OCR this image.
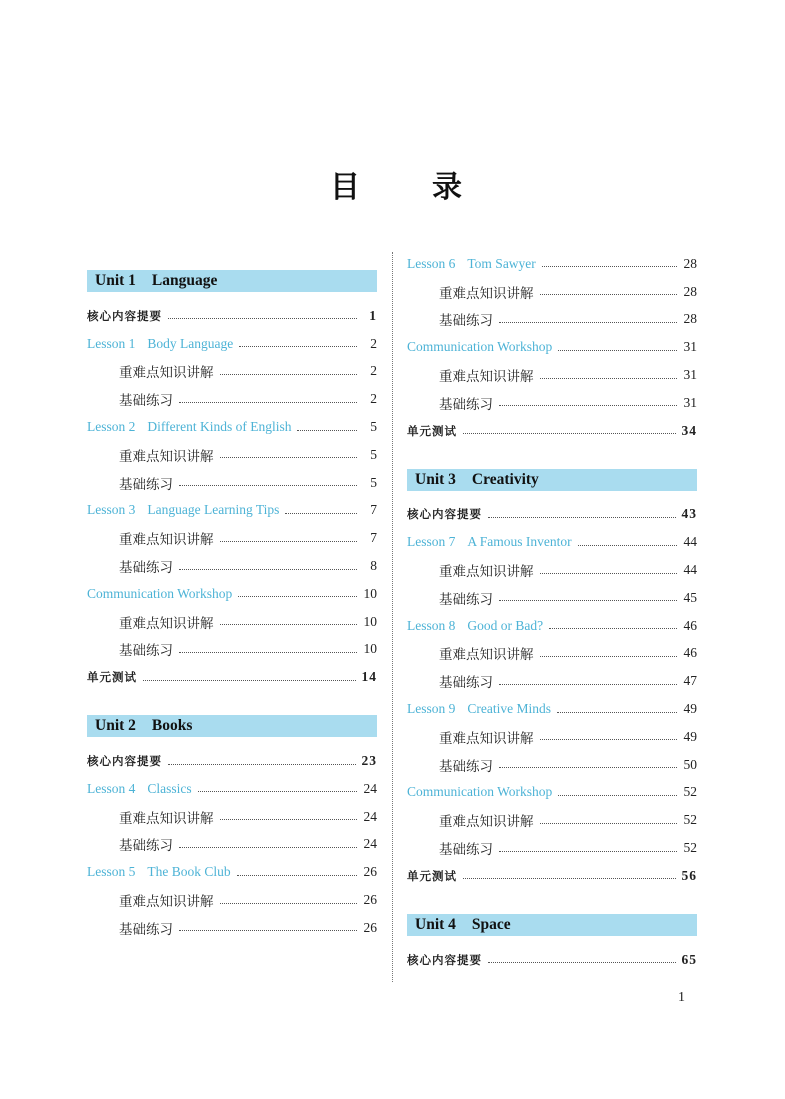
目 录
Unit 1 Language
核心内容提要	1
Lesson 1 Body Language	2
重难点知识讲解	2
基础练习	2
Lesson 2 Different Kinds of English	5
重难点知识讲解	5
基础练习	5
Lesson 3 Language Learning Tips	7
重难点知识讲解	7
基础练习	8
Communication Workshop	10
重难点知识讲解	10
基础练习	10
单元测试	14
Unit 2 Books
核心内容提要	23
Lesson 4 Classics	24
重难点知识讲解	24
基础练习	24
Lesson 5 The Book Club	26
重难点知识讲解	26
基础练习	26
Lesson 6 Tom Sawyer	28
重难点知识讲解	28
基础练习	28
Communication Workshop	31
重难点知识讲解	31
基础练习	31
单元测试	34
Unit 3 Creativity
核心内容提要	43
Lesson 7 A Famous Inventor	44
重难点知识讲解	44
基础练习	45
Lesson 8 Good or Bad?	46
重难点知识讲解	46
基础练习	47
Lesson 9 Creative Minds	49
重难点知识讲解	49
基础练习	50
Communication Workshop	52
重难点知识讲解	52
基础练习	52
单元测试	56
Unit 4 Space
核心内容提要	65
1
